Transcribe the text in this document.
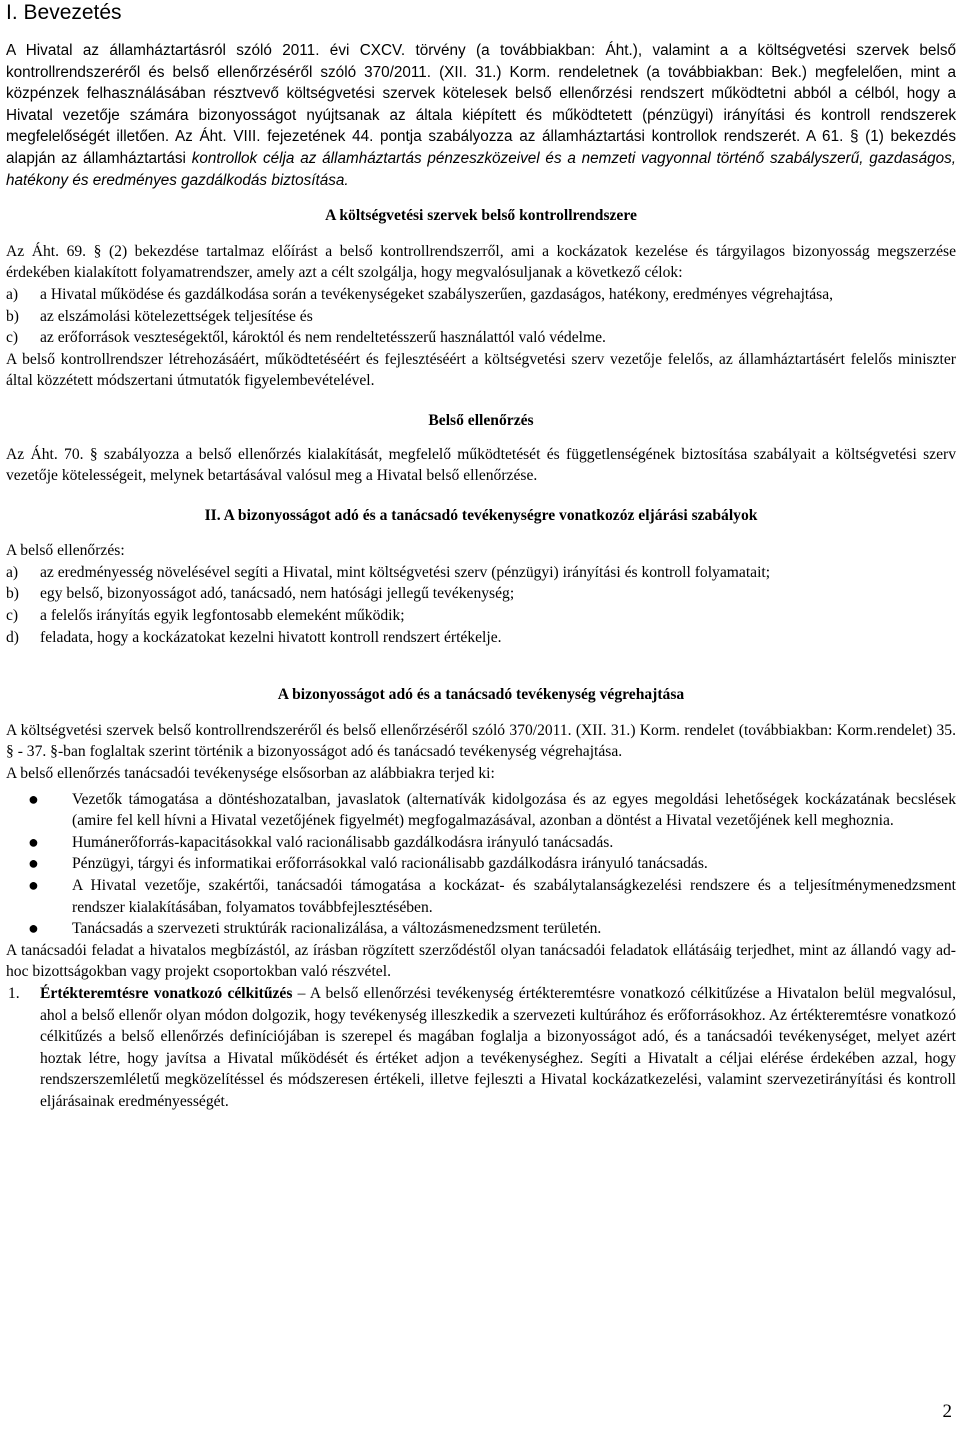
I. Bevezetés

A Hivatal az államháztartásról szóló 2011. évi CXCV. törvény (a továbbiakban: Áht.), valamint a a költségvetési szervek belső kontrollrendszeréről és belső ellenőrzéséről szóló 370/2011. (XII. 31.) Korm. rendeletnek (a továbbiakban: Bek.) megfelelően, mint a közpénzek felhasználásában résztvevő költségvetési szervek kötelesek belső ellenőrzési rendszert működtetni abból a célból, hogy a Hivatal vezetője számára bizonyosságot nyújtsanak az általa kiépített és működtetett (pénzügyi) irányítási és kontroll rendszerek megfelelőségét illetően. Az Áht. VIII. fejezetének 44. pontja szabályozza az államháztartási kontrollok rendszerét. A 61. § (1) bekezdés alapján az államháztartási kontrollok célja az államháztartás pénzeszközeivel és a nemzeti vagyonnal történő szabályszerű, gazdaságos, hatékony és eredményes gazdálkodás biztosítása.

A költségvetési szervek belső kontrollrendszere

Az Áht. 69. § (2) bekezdése tartalmaz előírást a belső kontrollrendszerről, ami a kockázatok kezelése és tárgyilagos bizonyosság megszerzése érdekében kialakított folyamatrendszer, amely azt a célt szolgálja, hogy megvalósuljanak a következő célok:

a) a Hivatal működése és gazdálkodása során a tevékenységeket szabályszerűen, gazdaságos, hatékony, eredményes végrehajtása,
b) az elszámolási kötelezettségek teljesítése és
c) az erőforrások veszteségektől, károktól és nem rendeltetésszerű használattól való védelme.

A belső kontrollrendszer létrehozásáért, működtetéséért és fejlesztéséért a költségvetési szerv vezetője felelős, az államháztartásért felelős miniszter által közzétett módszertani útmutatók figyelembevételével.

Belső ellenőrzés

Az Áht. 70. § szabályozza a belső ellenőrzés kialakítását, megfelelő működtetését és függetlenségének biztosítása szabályait a költségvetési szerv vezetője kötelességeit, melynek betartásával valósul meg a Hivatal belső ellenőrzése.

II. A bizonyosságot adó és a tanácsadó tevékenységre vonatkozóz eljárási szabályok

A belső ellenőrzés:

a) az eredményesség növelésével segíti a Hivatal, mint költségvetési szerv (pénzügyi) irányítási és kontroll folyamatait;
b) egy belső, bizonyosságot adó, tanácsadó, nem hatósági jellegű tevékenység;
c) a felelős irányítás egyik legfontosabb elemeként működik;
d) feladata, hogy a kockázatokat kezelni hivatott kontroll rendszert értékelje.
A bizonyosságot adó és a tanácsadó tevékenység végrehajtása

A költségvetési szervek belső kontrollrendszeréről és belső ellenőrzéséről szóló 370/2011. (XII. 31.) Korm. rendelet (továbbiakban: Korm.rendelet) 35. § - 37. §-ban foglaltak szerint történik a bizonyosságot adó és tanácsadó tevékenység végrehajtása.

A belső ellenőrzés tanácsadói tevékenysége elsősorban az alábbiakra terjed ki:

● Vezetők támogatása a döntéshozatalban, javaslatok (alternatívák kidolgozása és az egyes megoldási lehetőségek kockázatának becslések (amire fel kell hívni a Hivatal vezetőjének figyelmét) megfogalmazásával, azonban a döntést a Hivatal vezetőjének kell meghoznia.
● Humánerőforrás-kapacitásokkal való racionálisabb gazdálkodásra irányuló tanácsadás.
● Pénzügyi, tárgyi és informatikai erőforrásokkal való racionálisabb gazdálkodásra irányuló tanácsadás.
● A Hivatal vezetője, szakértői, tanácsadói támogatása a kockázat- és szabálytalanságkezelési rendszere és a teljesítménymenedzsment rendszer kialakításában, folyamatos továbbfejlesztésében.
● Tanácsadás a szervezeti struktúrák racionalizálása, a változásmenedzsment területén.

A tanácsadói feladat a hivatalos megbízástól, az írásban rögzített szerződéstől olyan tanácsadói feladatok ellátásáig terjedhet, mint az állandó vagy ad-hoc bizottságokban vagy projekt csoportokban való részvétel.

1. Értékteremtésre vonatkozó célkitűzés – A belső ellenőrzési tevékenység értékteremtésre vonatkozó célkitűzése a Hivatalon belül megvalósul, ahol a belső ellenőr olyan módon dolgozik, hogy tevékenység illeszkedik a szervezeti kultúrához és erőforrásokhoz. Az értékteremtésre vonatkozó célkitűzés a belső ellenőrzés definíciójában is szerepel és magában foglalja a bizonyosságot adó, és a tanácsadói tevékenységet, melyet azért hoztak létre, hogy javítsa a Hivatal működését és értéket adjon a tevékenységhez. Segíti a Hivatalt a céljai elérése érdekében azzal, hogy rendszerszemléletű megközelítéssel és módszeresen értékeli, illetve fejleszti a Hivatal kockázatkezelési, valamint szervezetirányítási és kontroll eljárásainak eredményességét.
2
